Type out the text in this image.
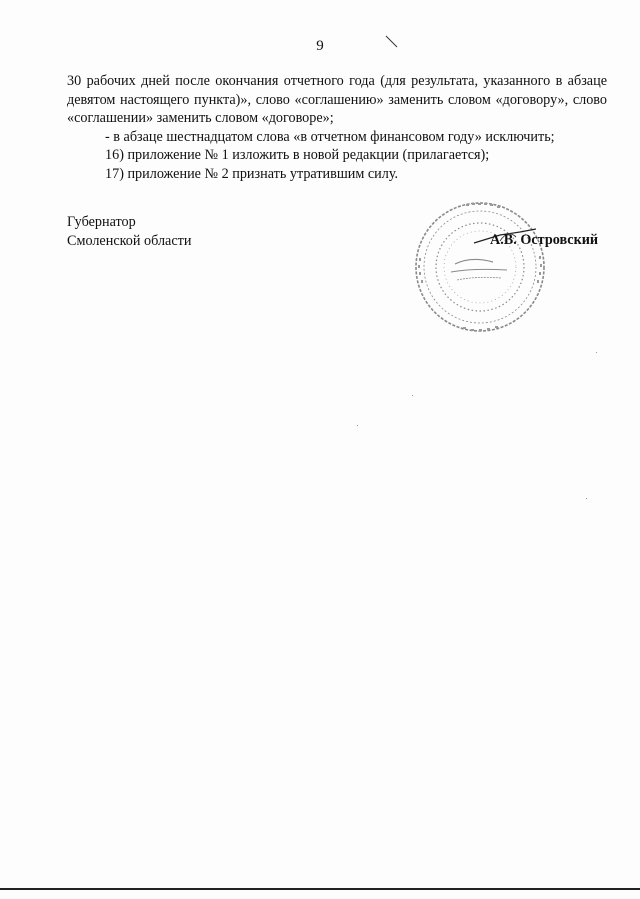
9

30 рабочих дней после окончания отчетного года (для результата, указанного в абзаце девятом настоящего пункта)», слово «соглашению» заменить словом «договору», слово «соглашении» заменить словом «договоре»;

- в абзаце шестнадцатом слова «в отчетном финансовом году» исключить;

16) приложение № 1 изложить в новой редакции (прилагается);

17) приложение № 2 признать утратившим силу.

Губернатор
Смоленской области	А.В. Островский
